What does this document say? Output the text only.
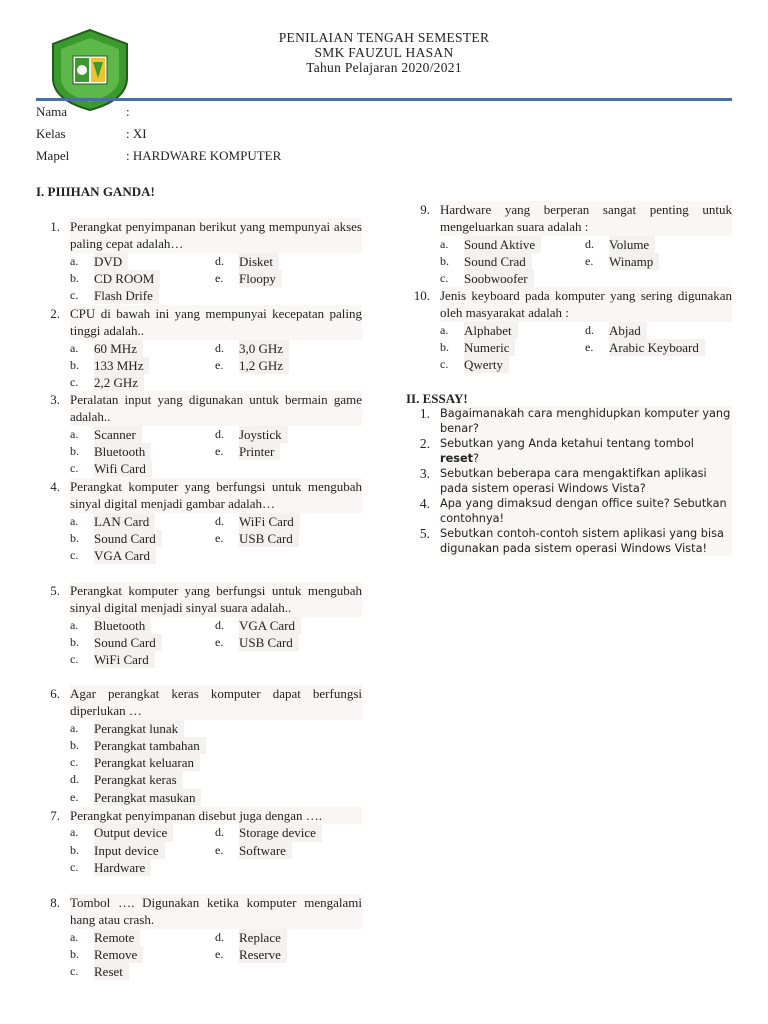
PENILAIAN TENGAH SEMESTER
SMK FAUZUL HASAN
Tahun Pelajaran 2020/2021
Nama	:
Kelas	: XI
Mapel	: HARDWARE KOMPUTER
I. PIIIHAN GANDA!
II. ESSAY!
1. Bagaimanakah cara menghidupkan komputer yang benar?
2. Sebutkan yang Anda ketahui tentang tombol reset?
3. Sebutkan beberapa cara mengaktifkan aplikasi pada sistem operasi Windows Vista?
4. Apa yang dimaksud dengan office suite? Sebutkan contohnya!
5. Sebutkan contoh-contoh sistem aplikasi yang bisa digunakan pada sistem operasi Windows Vista!
1. Perangkat penyimpanan berikut yang mempunyai akses paling cepat adalah…
a.	DVD	d.	Disket
b.	CD ROOM	e.	Floopy
c.	Flash Drife
2. CPU di bawah ini yang mempunyai kecepatan paling tinggi adalah..
a.	60 MHz	d.	3,0 GHz
b.	133 MHz	e.	1,2 GHz
c.	2,2 GHz
3. Peralatan input yang digunakan untuk bermain game adalah..
a.	Scanner	d.	Joystick
b.	Bluetooth	e.	Printer
c.	Wifi Card
4. Perangkat komputer yang berfungsi untuk mengubah sinyal digital menjadi gambar adalah…
a.	LAN Card	d.	WiFi Card
b.	Sound Card	e.	USB Card
c.	VGA Card
5. Perangkat komputer yang berfungsi untuk mengubah sinyal digital menjadi sinyal suara adalah..
a.	Bluetooth	d.	VGA Card
b.	Sound Card	e.	USB Card
c.	WiFi Card
6. Agar perangkat keras komputer dapat berfungsi diperlukan …
a.	Perangkat lunak
b.	Perangkat tambahan
c.	Perangkat keluaran
d.	Perangkat keras
e.	Perangkat masukan
7. Perangkat penyimpanan disebut juga dengan ….
a.	Output device	d.	Storage device
b.	Input device	e.	Software
c.	Hardware
8. Tombol …. Digunakan ketika komputer mengalami hang atau crash.
a.	Remote	d.	Replace
b.	Remove	e.	Reserve
c.	Reset
9. Hardware yang berperan sangat penting untuk mengeluarkan suara adalah :
a.	Sound Aktive	d.	Volume
b.	Sound Crad	e.	Winamp
c.	Soobwoofer
10. Jenis keyboard pada komputer yang sering digunakan oleh masyarakat adalah :
a.	Alphabet	d.	Abjad
b.	Numeric	e.	Arabic Keyboard
c.	Qwerty
